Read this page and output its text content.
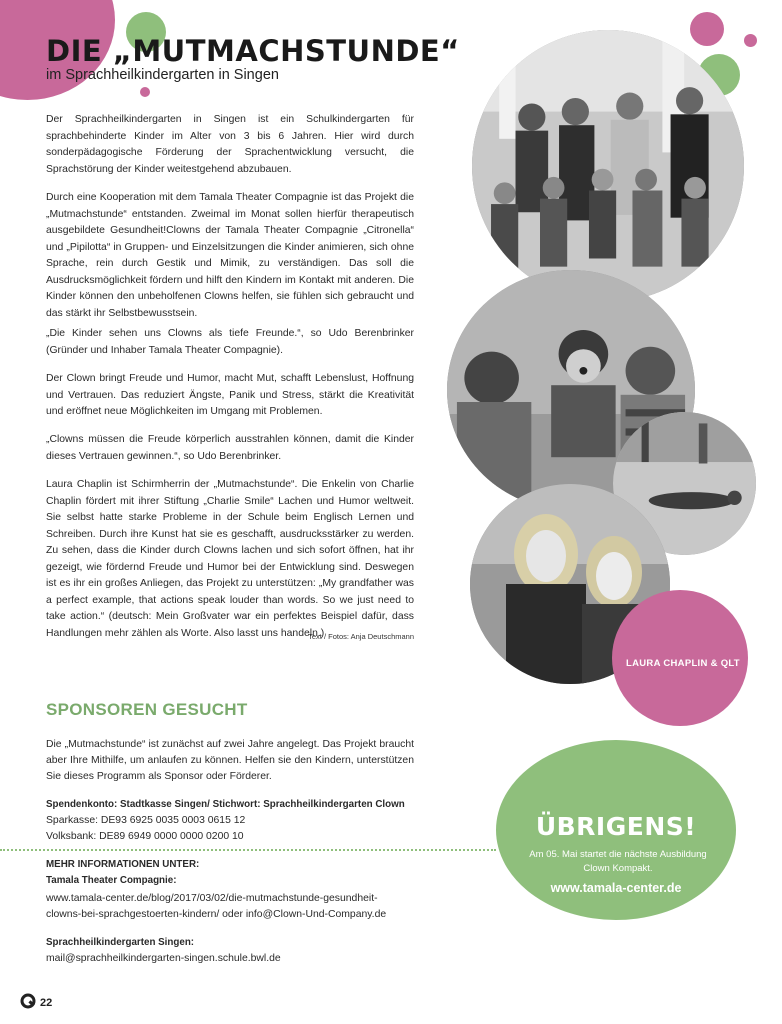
DIE „MUTMACHSTUNDE“
im Sprachheilkindergarten in Singen
Der Sprachheilkindergarten in Singen ist ein Schulkindergarten für sprachbehinderte Kinder im Alter von 3 bis 6 Jahren. Hier wird durch sonderpädagogische Förderung der Sprachentwicklung versucht, die Sprachstörung der Kinder weitestgehend abzubauen.
Durch eine Kooperation mit dem Tamala Theater Compagnie ist das Projekt die „Mutmachstunde“ entstanden. Zweimal im Monat sollen hierfür therapeutisch ausgebildete Gesundheit!Clowns der Tamala Theater Compagnie „Citronella“ und „Pipilotta“ in Gruppen- und Einzelsitzungen die Kinder animieren, sich ohne Sprache, rein durch Gestik und Mimik, zu verständigen. Das soll die Ausdrucksmöglichkeit fördern und hilft den Kindern im Kontakt mit anderen. Die Kinder können den unbeholfenen Clowns helfen, sie fühlen sich gebraucht und das stärkt ihr Selbstbewusstsein.
„Die Kinder sehen uns Clowns als tiefe Freunde.“, so Udo Berenbrinker (Gründer und Inhaber Tamala Theater Compagnie).
Der Clown bringt Freude und Humor, macht Mut, schafft Lebenslust, Hoffnung und Vertrauen. Das reduziert Ängste, Panik und Stress, stärkt die Kreativität und eröffnet neue Möglichkeiten im Umgang mit Problemen.
„Clowns müssen die Freude körperlich ausstrahlen können, damit die Kinder dieses Vertrauen gewinnen.“, so Udo Berenbrinker.
Laura Chaplin ist Schirmherrin der „Mutmachstunde“. Die Enkelin von Charlie Chaplin fördert mit ihrer Stiftung „Charlie Smile“ Lachen und Humor weltweit. Sie selbst hatte starke Probleme in der Schule beim Englisch Lernen und Schreiben. Durch ihre Kunst hat sie es geschafft, ausdrucksstärker zu werden. Zu sehen, dass die Kinder durch Clowns lachen und sich sofort öffnen, hat ihr gezeigt, wie fördernd Freude und Humor bei der Entwicklung sind. Deswegen ist es ihr ein großes Anliegen, das Projekt zu unterstützen: „My grandfather was a perfect example, that actions speak louder than words. So we just need to take action.“ (deutsch: Mein Großvater war ein perfektes Beispiel dafür, dass Handlungen mehr zählen als Worte. Also lasst uns handeln.)
Text / Fotos: Anja Deutschmann
LAURA CHAPLIN & QLT
SPONSOREN GESUCHT
Die „Mutmachstunde“ ist zunächst auf zwei Jahre angelegt. Das Projekt braucht aber Ihre Mithilfe, um anlaufen zu können. Helfen sie den Kindern, unterstützen Sie dieses Programm als Sponsor oder Förderer.
Spendenkonto: Stadtkasse Singen/ Stichwort: Sprachheilkindergarten Clown
Sparkasse: DE93 6925 0035 0003 0615 12
Volksbank: DE89 6949 0000 0000 0200 10
MEHR INFORMATIONEN UNTER:
Tamala Theater Compagnie:
www.tamala-center.de/blog/2017/03/02/die-mutmachstunde-gesundheit-
clowns-bei-sprachgestoerten-kindern/ oder info@Clown-Und-Company.de
Sprachheilkindergarten Singen:
mail@sprachheilkindergarten-singen.schule.bwl.de
ÜBRIGENS!
Am 05. Mai startet die nächste Ausbildung
Clown Kompakt.
www.tamala-center.de
22
